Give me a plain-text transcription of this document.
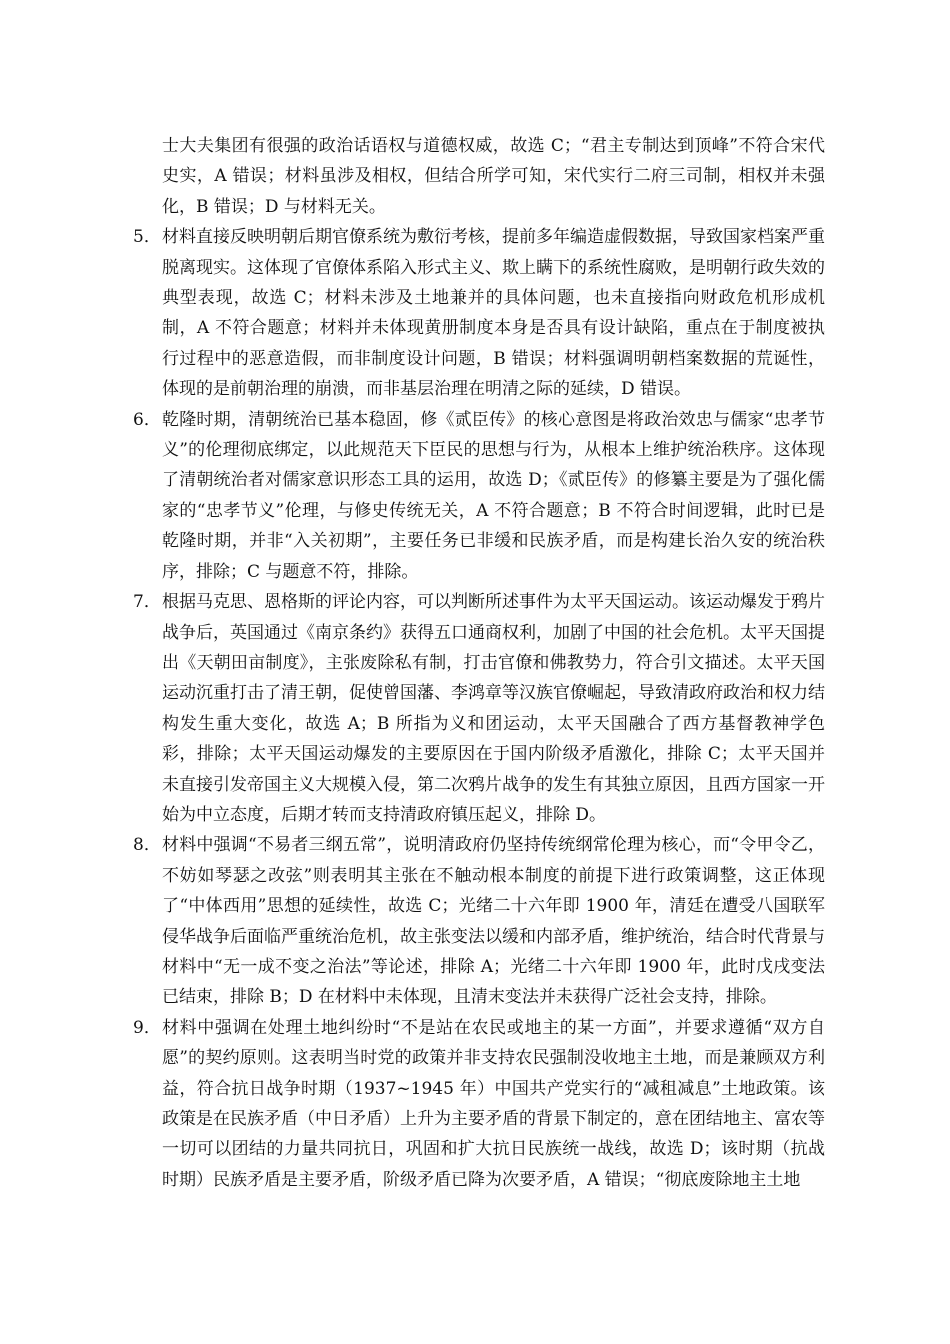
士大夫集团有很强的政治话语权与道德权威，故选 C；“君主专制达到顶峰”不符合宋代史实，A 错误；材料虽涉及相权，但结合所学可知，宋代实行二府三司制，相权并未强化，B 错误；D 与材料无关。

5． 材料直接反映明朝后期官僚系统为敷衍考核，提前多年编造虚假数据，导致国家档案严重脱离现实。这体现了官僚体系陷入形式主义、欺上瞒下的系统性腐败，是明朝行政失效的典型表现，故选 C；材料未涉及土地兼并的具体问题，也未直接指向财政危机形成机制，A 不符合题意；材料并未体现黄册制度本身是否具有设计缺陷，重点在于制度被执行过程中的恶意造假，而非制度设计问题，B 错误；材料强调明朝档案数据的荒诞性，体现的是前朝治理的崩溃，而非基层治理在明清之际的延续，D 错误。

6． 乾隆时期，清朝统治已基本稳固，修《贰臣传》的核心意图是将政治效忠与儒家“忠孝节义”的伦理彻底绑定，以此规范天下臣民的思想与行为，从根本上维护统治秩序。这体现了清朝统治者对儒家意识形态工具的运用，故选 D；《贰臣传》的修纂主要是为了强化儒家的“忠孝节义”伦理，与修史传统无关，A 不符合题意；B 不符合时间逻辑，此时已是乾隆时期，并非“入关初期”，主要任务已非缓和民族矛盾，而是构建长治久安的统治秩序，排除；C 与题意不符，排除。

7． 根据马克思、恩格斯的评论内容，可以判断所述事件为太平天国运动。该运动爆发于鸦片战争后，英国通过《南京条约》获得五口通商权利，加剧了中国的社会危机。太平天国提出《天朝田亩制度》，主张废除私有制，打击官僚和佛教势力，符合引文描述。太平天国运动沉重打击了清王朝，促使曾国藩、李鸿章等汉族官僚崛起，导致清政府政治和权力结构发生重大变化，故选 A；B 所指为义和团运动，太平天国融合了西方基督教神学色彩，排除；太平天国运动爆发的主要原因在于国内阶级矛盾激化，排除 C；太平天国并未直接引发帝国主义大规模入侵，第二次鸦片战争的发生有其独立原因，且西方国家一开始为中立态度，后期才转而支持清政府镇压起义，排除 D。

8． 材料中强调“不易者三纲五常”，说明清政府仍坚持传统纲常伦理为核心，而“令甲令乙，不妨如琴瑟之改弦”则表明其主张在不触动根本制度的前提下进行政策调整，这正体现了“中体西用”思想的延续性，故选 C；光绪二十六年即 1900 年，清廷在遭受八国联军侵华战争后面临严重统治危机，故主张变法以缓和内部矛盾，维护统治，结合时代背景与材料中“无一成不变之治法”等论述，排除 A；光绪二十六年即 1900 年，此时戊戌变法已结束，排除 B；D 在材料中未体现，且清末变法并未获得广泛社会支持，排除。

9． 材料中强调在处理土地纠纷时“不是站在农民或地主的某一方面”，并要求遵循“双方自愿”的契约原则。这表明当时党的政策并非支持农民强制没收地主土地，而是兼顾双方利益，符合抗日战争时期（1937~1945 年）中国共产党实行的“减租减息”土地政策。该政策是在民族矛盾（中日矛盾）上升为主要矛盾的背景下制定的，意在团结地主、富农等一切可以团结的力量共同抗日，巩固和扩大抗日民族统一战线，故选 D；该时期（抗战时期）民族矛盾是主要矛盾，阶级矛盾已降为次要矛盾，A 错误；“彻底废除地主土地
